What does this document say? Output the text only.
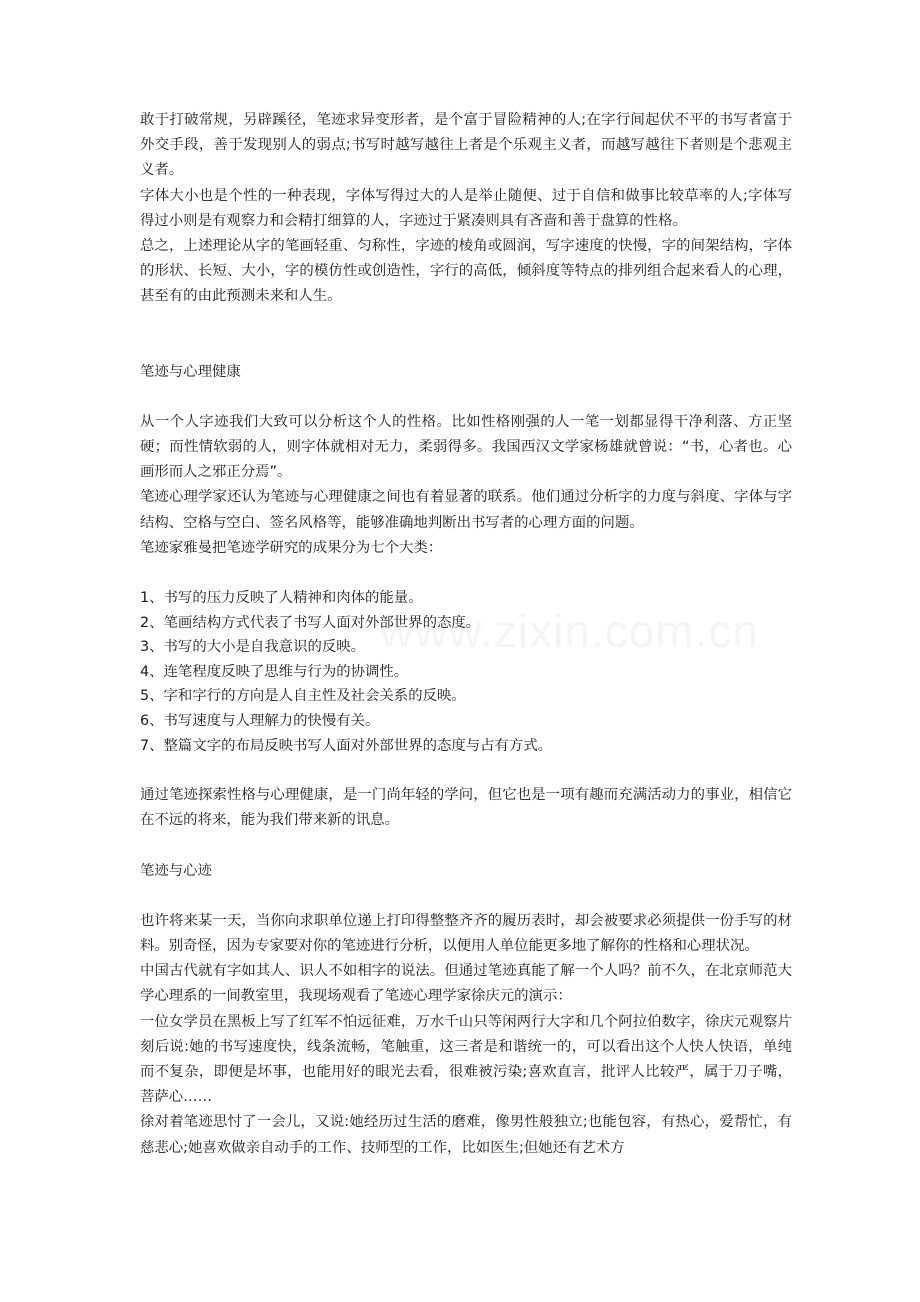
敢于打破常规，另辟蹊径，笔迹求异变形者，是个富于冒险精神的人;在字行间起伏不平的书写者富于外交手段，善于发现别人的弱点;书写时越写越往上者是个乐观主义者，而越写越往下者则是个悲观主义者。

字体大小也是个性的一种表现，字体写得过大的人是举止随便、过于自信和做事比较草率的人;字体写得过小则是有观察力和会精打细算的人，字迹过于紧凑则具有吝啬和善于盘算的性格。

总之，上述理论从字的笔画轻重、匀称性，字迹的棱角或圆润，写字速度的快慢，字的间架结构，字体的形状、长短、大小，字的模仿性或创造性，字行的高低，倾斜度等特点的排列组合起来看人的心理，甚至有的由此预测未来和人生。

笔迹与心理健康

从一个人字迹我们大致可以分析这个人的性格。比如性格刚强的人一笔一划都显得干净利落、方正坚硬；而性情软弱的人，则字体就相对无力，柔弱得多。我国西汉文学家杨雄就曾说：“书，心者也。心画形而人之邪正分焉”。

笔迹心理学家还认为笔迹与心理健康之间也有着显著的联系。他们通过分析字的力度与斜度、字体与字结构、空格与空白、签名风格等，能够准确地判断出书写者的心理方面的问题。

笔迹家雅曼把笔迹学研究的成果分为七个大类：

1、书写的压力反映了人精神和肉体的能量。
2、笔画结构方式代表了书写人面对外部世界的态度。
3、书写的大小是自我意识的反映。
4、连笔程度反映了思维与行为的协调性。
5、字和字行的方向是人自主性及社会关系的反映。
6、书写速度与人理解力的快慢有关。
7、整篇文字的布局反映书写人面对外部世界的态度与占有方式。

通过笔迹探索性格与心理健康，是一门尚年轻的学问，但它也是一项有趣而充满活动力的事业，相信它在不远的将来，能为我们带来新的讯息。

笔迹与心迹

也许将来某一天，当你向求职单位递上打印得整整齐齐的履历表时，却会被要求必须提供一份手写的材料。别奇怪，因为专家要对你的笔迹进行分析，以便用人单位能更多地了解你的性格和心理状况。

中国古代就有字如其人、识人不如相字的说法。但通过笔迹真能了解一个人吗？前不久，在北京师范大学心理系的一间教室里，我现场观看了笔迹心理学家徐庆元的演示：

一位女学员在黑板上写了红军不怕远征难，万水千山只等闲两行大字和几个阿拉伯数字，徐庆元观察片刻后说:她的书写速度快，线条流畅，笔触重，这三者是和谐统一的，可以看出这个人快人快语，单纯而不复杂，即便是坏事，也能用好的眼光去看，很难被污染;喜欢直言，批评人比较严，属于刀子嘴，菩萨心……

徐对着笔迹思忖了一会儿，又说:她经历过生活的磨难，像男性般独立;也能包容，有热心，爱帮忙，有慈悲心;她喜欢做亲自动手的工作、技师型的工作，比如医生;但她还有艺术方
